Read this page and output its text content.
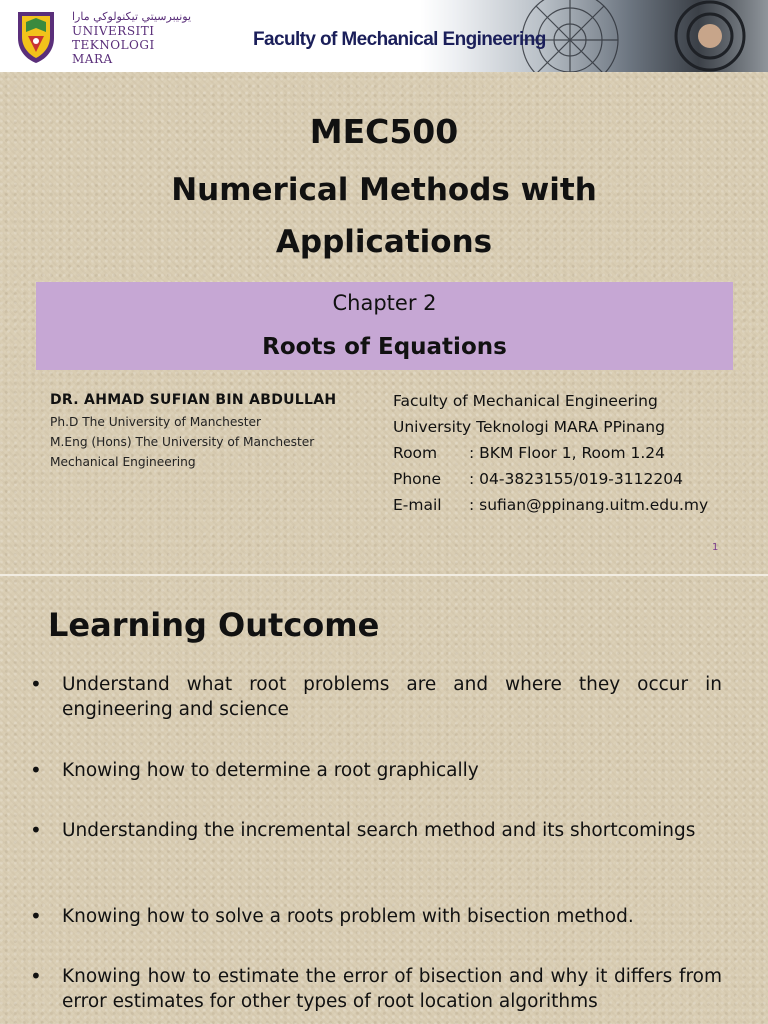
ﯾﻮﻧﯿﺒﺮﺳﯿﺘﻲ ﺗﯿﻜﻨﻮﻟﻮﮐﻲ ﻣﺎرا
UNIVERSITI
TEKNOLOGI
MARA
Faculty of Mechanical Engineering
MEC500
Numerical Methods with
Applications
Chapter 2
Roots of Equations
DR. AHMAD SUFIAN BIN ABDULLAH
Ph.D The University of Manchester
M.Eng (Hons) The University of Manchester
Mechanical Engineering
Faculty of Mechanical Engineering
University Teknologi MARA PPinang
Room : BKM Floor 1, Room 1.24
Phone : 04-3823155/019-3112204
E-mail : sufian@ppinang.uitm.edu.my
1
Learning Outcome
• Understand what root problems are and where they occur in engineering and science
• Knowing how to determine a root graphically
• Understanding the incremental search method and its shortcomings
• Knowing how to solve a roots problem with bisection method.
• Knowing how to estimate the error of bisection and why it differs from error estimates for other types of root location algorithms
